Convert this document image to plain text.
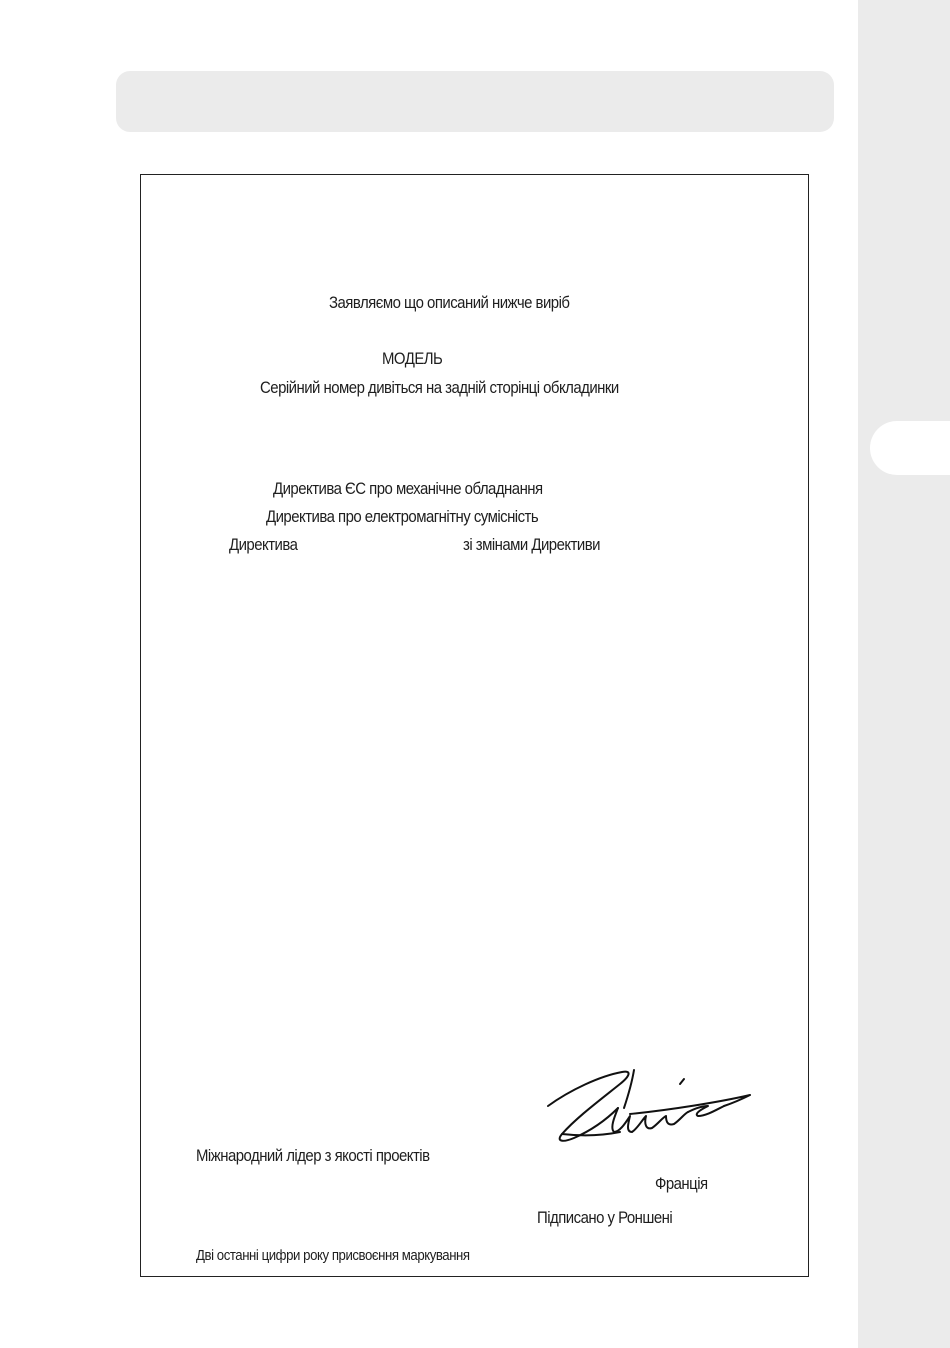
Заявляємо що описаний нижче виріб
МОДЕЛЬ
Серійний номер дивіться на задній сторінці обкладинки
Директива ЄС про механічне обладнання
Директива про електромагнітну сумісність
Директива	зі змінами Директиви
Міжнародний лідер з якості проектів
Франція
Підписано у Роншені
Дві останні цифри року присвоєння маркування
